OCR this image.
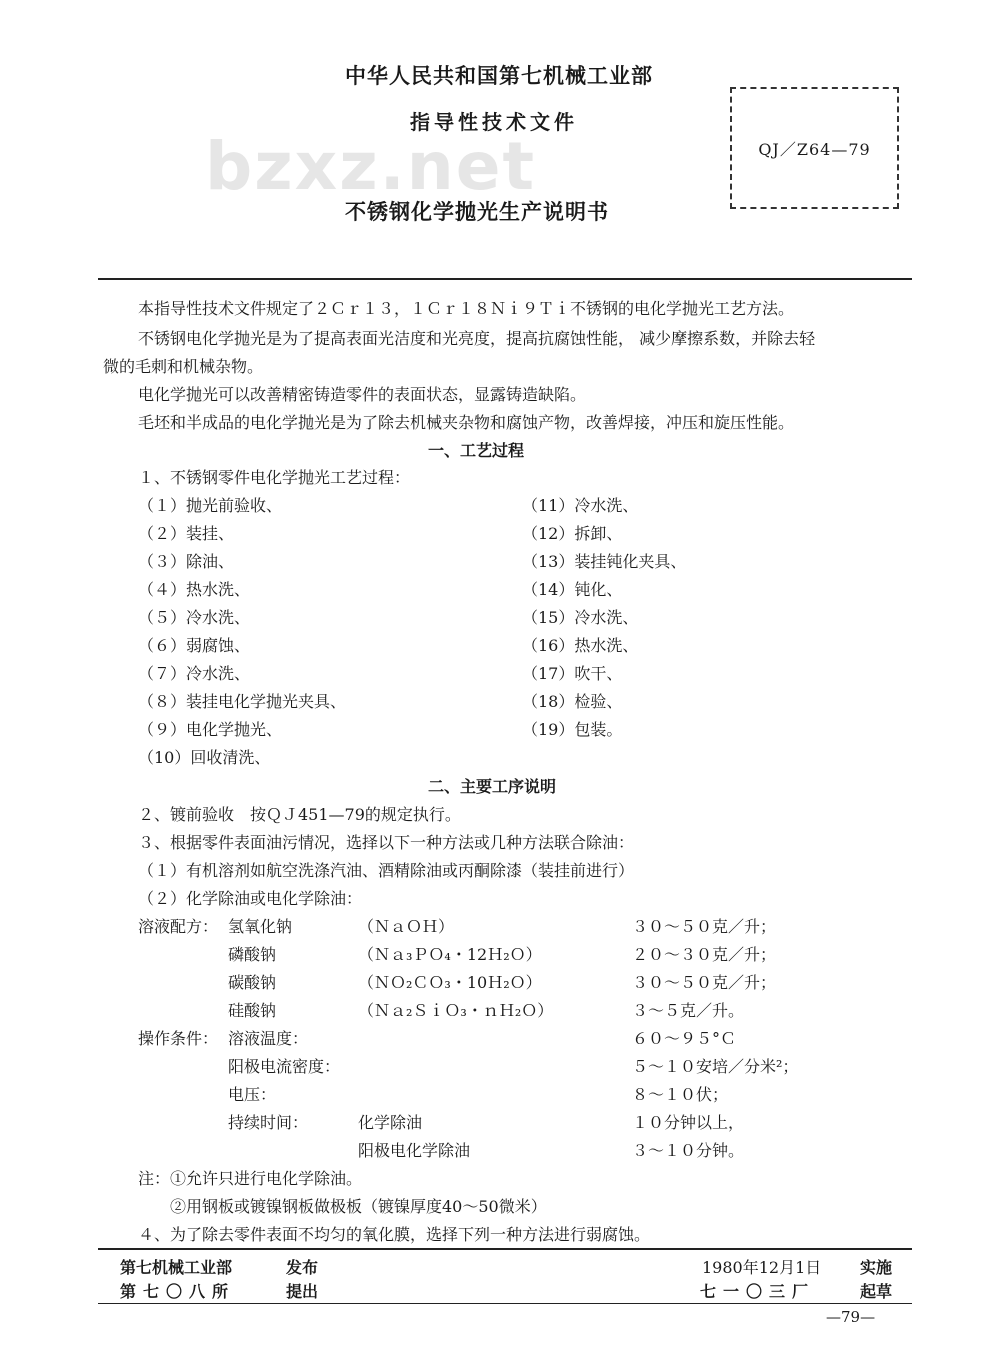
bzxz.net
中华人民共和国第七机械工业部
指导性技术文件
不锈钢化学抛光生产说明书
QJ／Z64—79
本指导性技术文件规定了２Ｃｒ１３，１Ｃｒ１８Ｎｉ９Ｔｉ不锈钢的电化学抛光工艺方法。
不锈钢电化学抛光是为了提高表面光洁度和光亮度，提高抗腐蚀性能， 减少摩擦系数，并除去轻
微的毛刺和机械杂物。
电化学抛光可以改善精密铸造零件的表面状态，显露铸造缺陷。
毛坯和半成品的电化学抛光是为了除去机械夹杂物和腐蚀产物，改善焊接，冲压和旋压性能。
一、工艺过程
１、不锈钢零件电化学抛光工艺过程：
（１）抛光前验收、
（２）装挂、
（３）除油、
（４）热水洗、
（５）冷水洗、
（６）弱腐蚀、
（７）冷水洗、
（８）装挂电化学抛光夹具、
（９）电化学抛光、
（10）回收清洗、
（11）冷水洗、
（12）拆卸、
（13）装挂钝化夹具、
（14）钝化、
（15）冷水洗、
（16）热水洗、
（17）吹干、
（18）检验、
（19）包装。
二、主要工序说明
２、镀前验收　按ＱＪ451—79的规定执行。
３、根据零件表面油污情况，选择以下一种方法或几种方法联合除油：
（１）有机溶剂如航空洗涤汽油、酒精除油或丙酮除漆（装挂前进行）
（２）化学除油或电化学除油：
溶液配方： 氢氧化钠	（ＮａＯＨ）	３０～５０克／升；
磷酸钠	（Ｎａ₃ＰＯ₄・12Ｈ₂Ｏ）	２０～３０克／升；
碳酸钠	（ＮＯ₂ＣＯ₃・10Ｈ₂Ｏ）	３０～５０克／升；
硅酸钠	（Ｎａ₂ＳｉＯ₃・ｎＨ₂Ｏ）	３～５克／升。
操作条件： 溶液温度：	６０～９５°Ｃ
阳极电流密度：	５～１０安培／分米²；
电压：	８～１０伏；
持续时间：	化学除油	１０分钟以上，
阳极电化学除油	３～１０分钟。
注：①允许只进行电化学除油。
②用钢板或镀镍钢板做极板（镀镍厚度40～50微米）
４、为了除去零件表面不均匀的氧化膜，选择下列一种方法进行弱腐蚀。
第七机械工业部	发布
第七〇八所	提出
1980年12月1日 实施
七一〇三厂	起草
—79—
